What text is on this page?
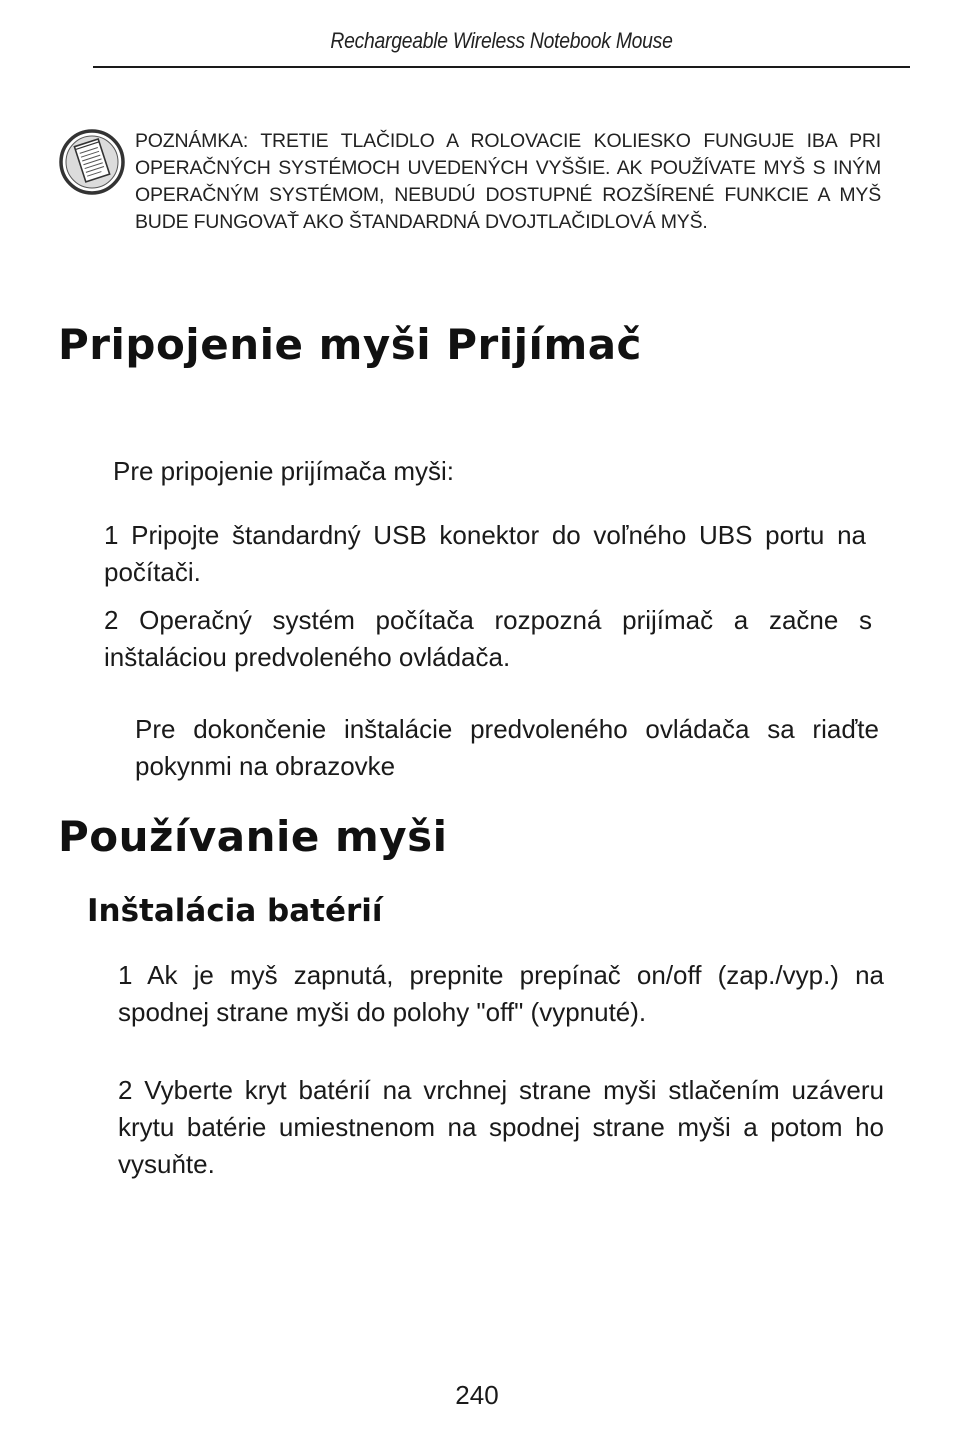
Rechargeable Wireless Notebook Mouse
POZNÁMKA: TRETIE TLAČIDLO A ROLOVACIE KOLIESKO FUNGUJE IBA PRI OPERAČNÝCH SYSTÉMOCH UVEDENÝCH VYŠŠIE. AK POUŽÍVATE MYŠ S INÝM OPERAČNÝM SYSTÉMOM, NEBUDÚ DOSTUPNÉ ROZŠÍRENÉ FUNKCIE A MYŠ BUDE FUNGOVAŤ AKO ŠTANDARDNÁ DVOJTLAČIDLOVÁ MYŠ.
Pripojenie myši Prijímač

Pre pripojenie prijímača myši:

1 Pripojte štandardný USB konektor do voľného UBS portu na počítači.

2 Operačný systém počítača rozpozná prijímač a začne s inštaláciou predvoleného ovládača.

Pre dokončenie inštalácie predvoleného ovládača sa riaďte pokynmi na obrazovke

Používanie myši
Inštalácia batérií

1 Ak je myš zapnutá, prepnite prepínač on/off (zap./vyp.) na spodnej strane myši do polohy "off" (vypnuté).

2 Vyberte kryt batérií na vrchnej strane myši stlačením uzáveru krytu batérie umiestnenom na spodnej strane myši a potom ho vysuňte.

240
